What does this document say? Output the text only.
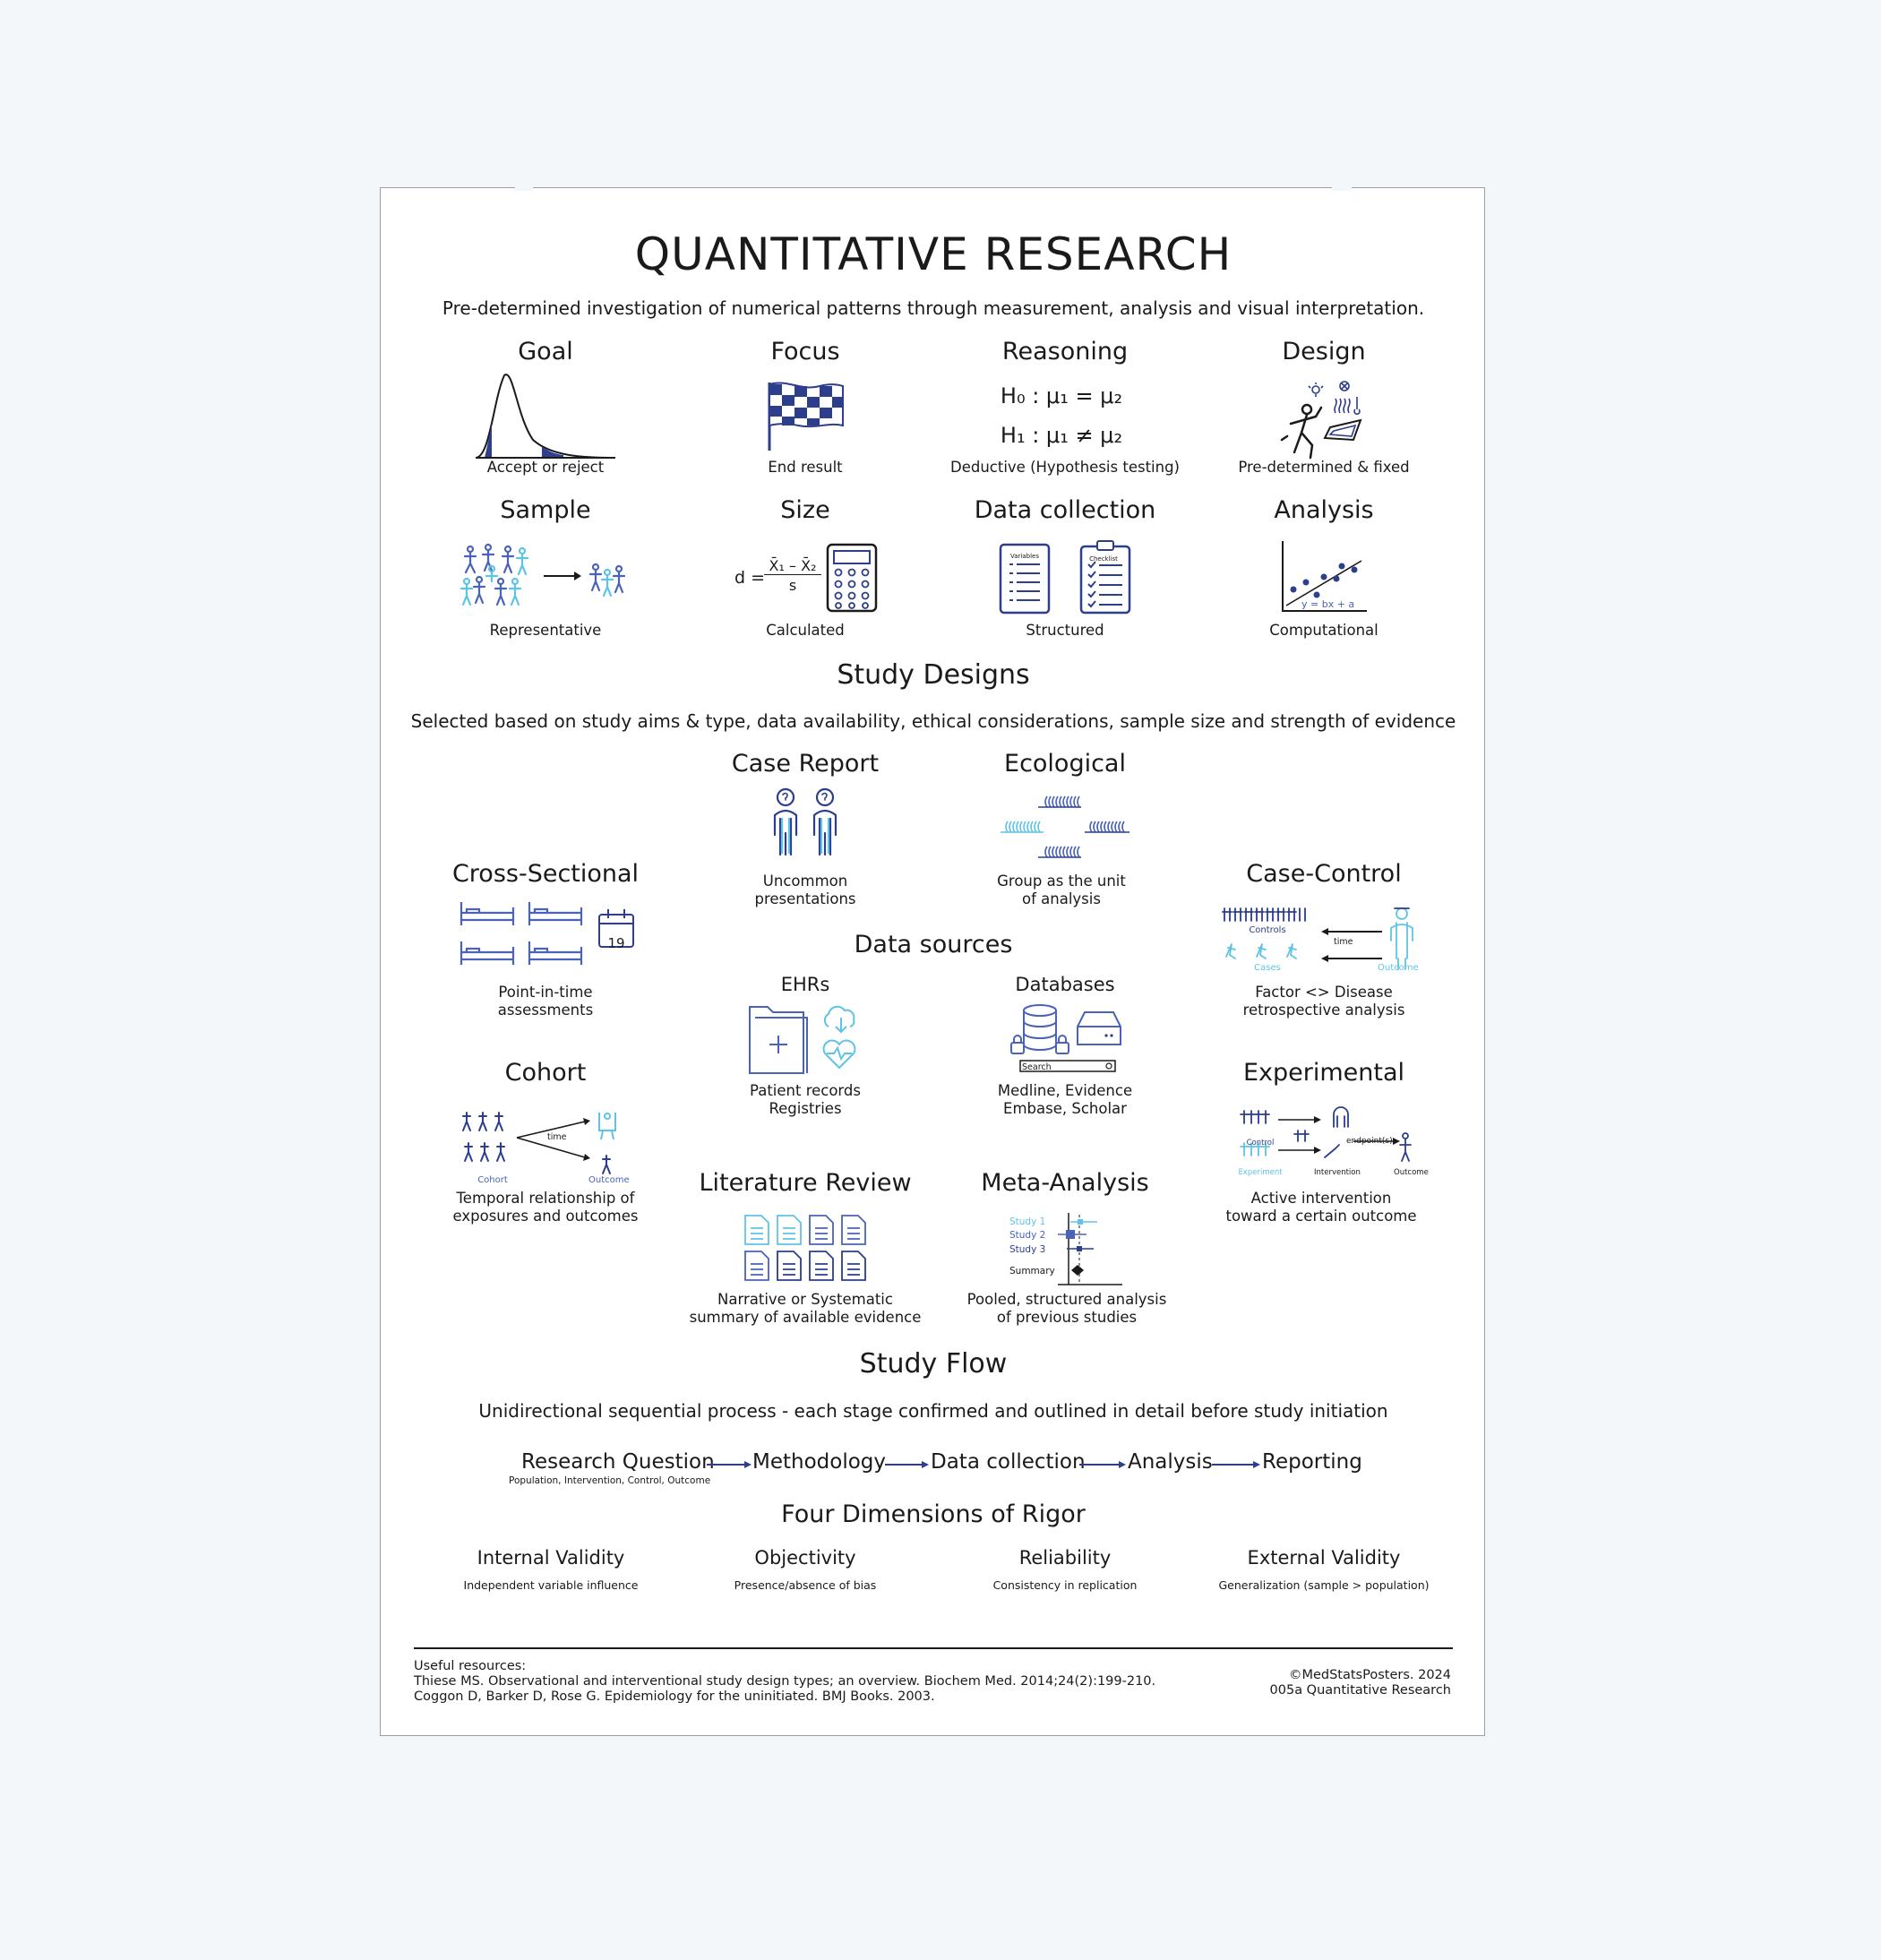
QUANTITATIVE RESEARCH
Pre-determined investigation of numerical patterns through measurement, analysis and visual interpretation.
Goal	Focus	Reasoning	Design
H₀ : μ₁ = μ₂
H₁ : μ₁ ≠ μ₂
Accept or reject	End result	Deductive (Hypothesis testing)	Pre-determined & fixed
Sample	Size	Data collection	Analysis
d =
X̄₁ – X̄₂
s
Variables	Checklist
y = bx + a
Representative	Calculated	Structured	Computational
Study Designs
Selected based on study aims & type, data availability, ethical considerations, sample size and strength of evidence
Case Report
Uncommon
presentations
Ecological
Group as the unit
of analysis
Cross-Sectional
19
Point-in-time
assessments
Case-Control
Controls
time
Cases	Outcome
Factor <> Disease
retrospective analysis
Data sources
EHRs	Databases
Patient records
Registries
Search
Medline, Evidence
Embase, Scholar
Cohort
time
Cohort	Outcome
Temporal relationship of
exposures and outcomes
Experimental
Control	endpoint(s)
Experiment	Intervention	Outcome
Active intervention
toward a certain outcome
Literature Review
Narrative or Systematic
summary of available evidence
Meta-Analysis
Study 1
Study 2
Study 3
Summary
Pooled, structured analysis
of previous studies
Study Flow
Unidirectional sequential process - each stage confirmed and outlined in detail before study initiation
Research Question Methodology Data collection Analysis Reporting
Population, Intervention, Control, Outcome
Four Dimensions of Rigor
Internal Validity	Objectivity	Reliability	External Validity
Independent variable influence	Presence/absence of bias	Consistency in replication	Generalization (sample > population)
Useful resources:
Thiese MS. Observational and interventional study design types; an overview. Biochem Med. 2014;24(2):199-210.
Coggon D, Barker D, Rose G. Epidemiology for the uninitiated. BMJ Books. 2003.
©MedStatsPosters. 2024
005a Quantitative Research
